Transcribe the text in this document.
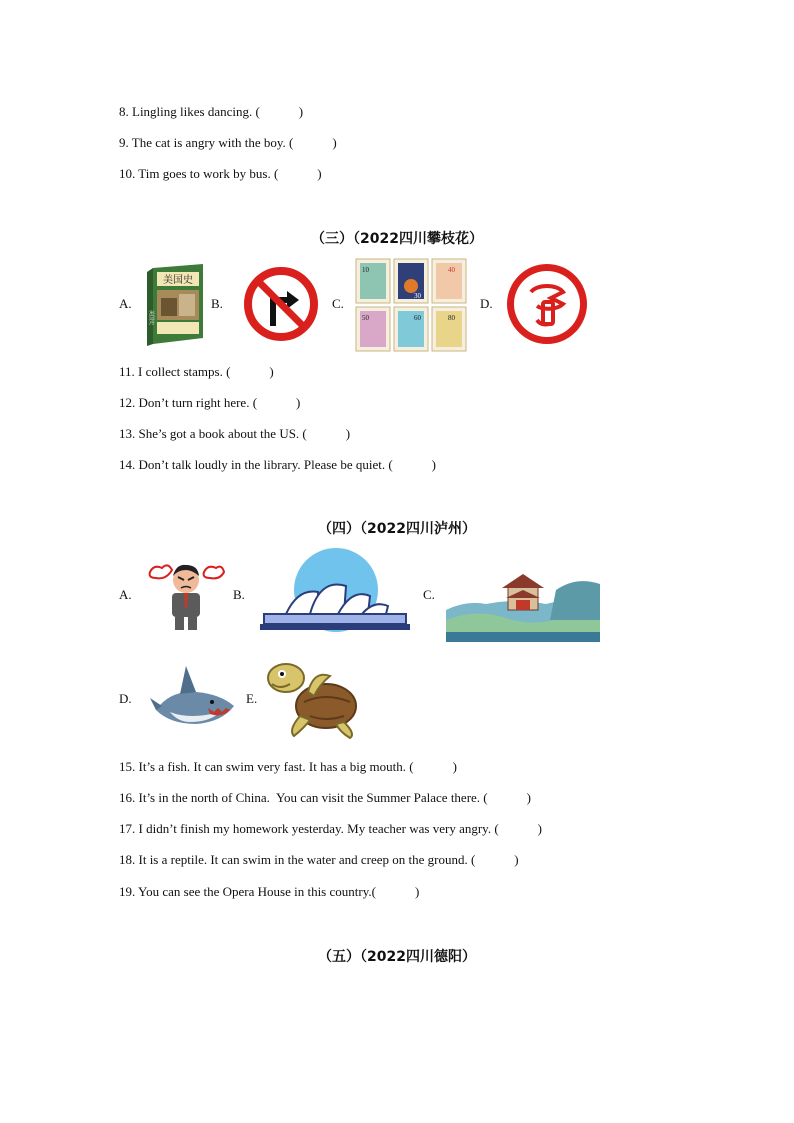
8. Lingling likes dancing. (            )
9. The cat is angry with the boy. (            )
10. Tim goes to work by bus. (            )
（三）（2022四川攀枝花）
A.
美国史
美国史
B.	C.
10
30
40
50	60	80
D.
11. I collect stamps. (            )
12. Don’t turn right here. (            )
13. She’s got a book about the US. (            )
14. Don’t talk loudly in the library. Please be quiet. (            )
（四）（2022四川泸州）
A.	B.	C.
D.	E.
15. It’s a fish. It can swim very fast. It has a big mouth. (            )
16. It’s in the north of China.  You can visit the Summer Palace there. (            )
17. I didn’t finish my homework yesterday. My teacher was very angry. (            )
18. It is a reptile. It can swim in the water and creep on the ground. (            )
19. You can see the Opera House in this country.(            )
（五）（2022四川德阳）
